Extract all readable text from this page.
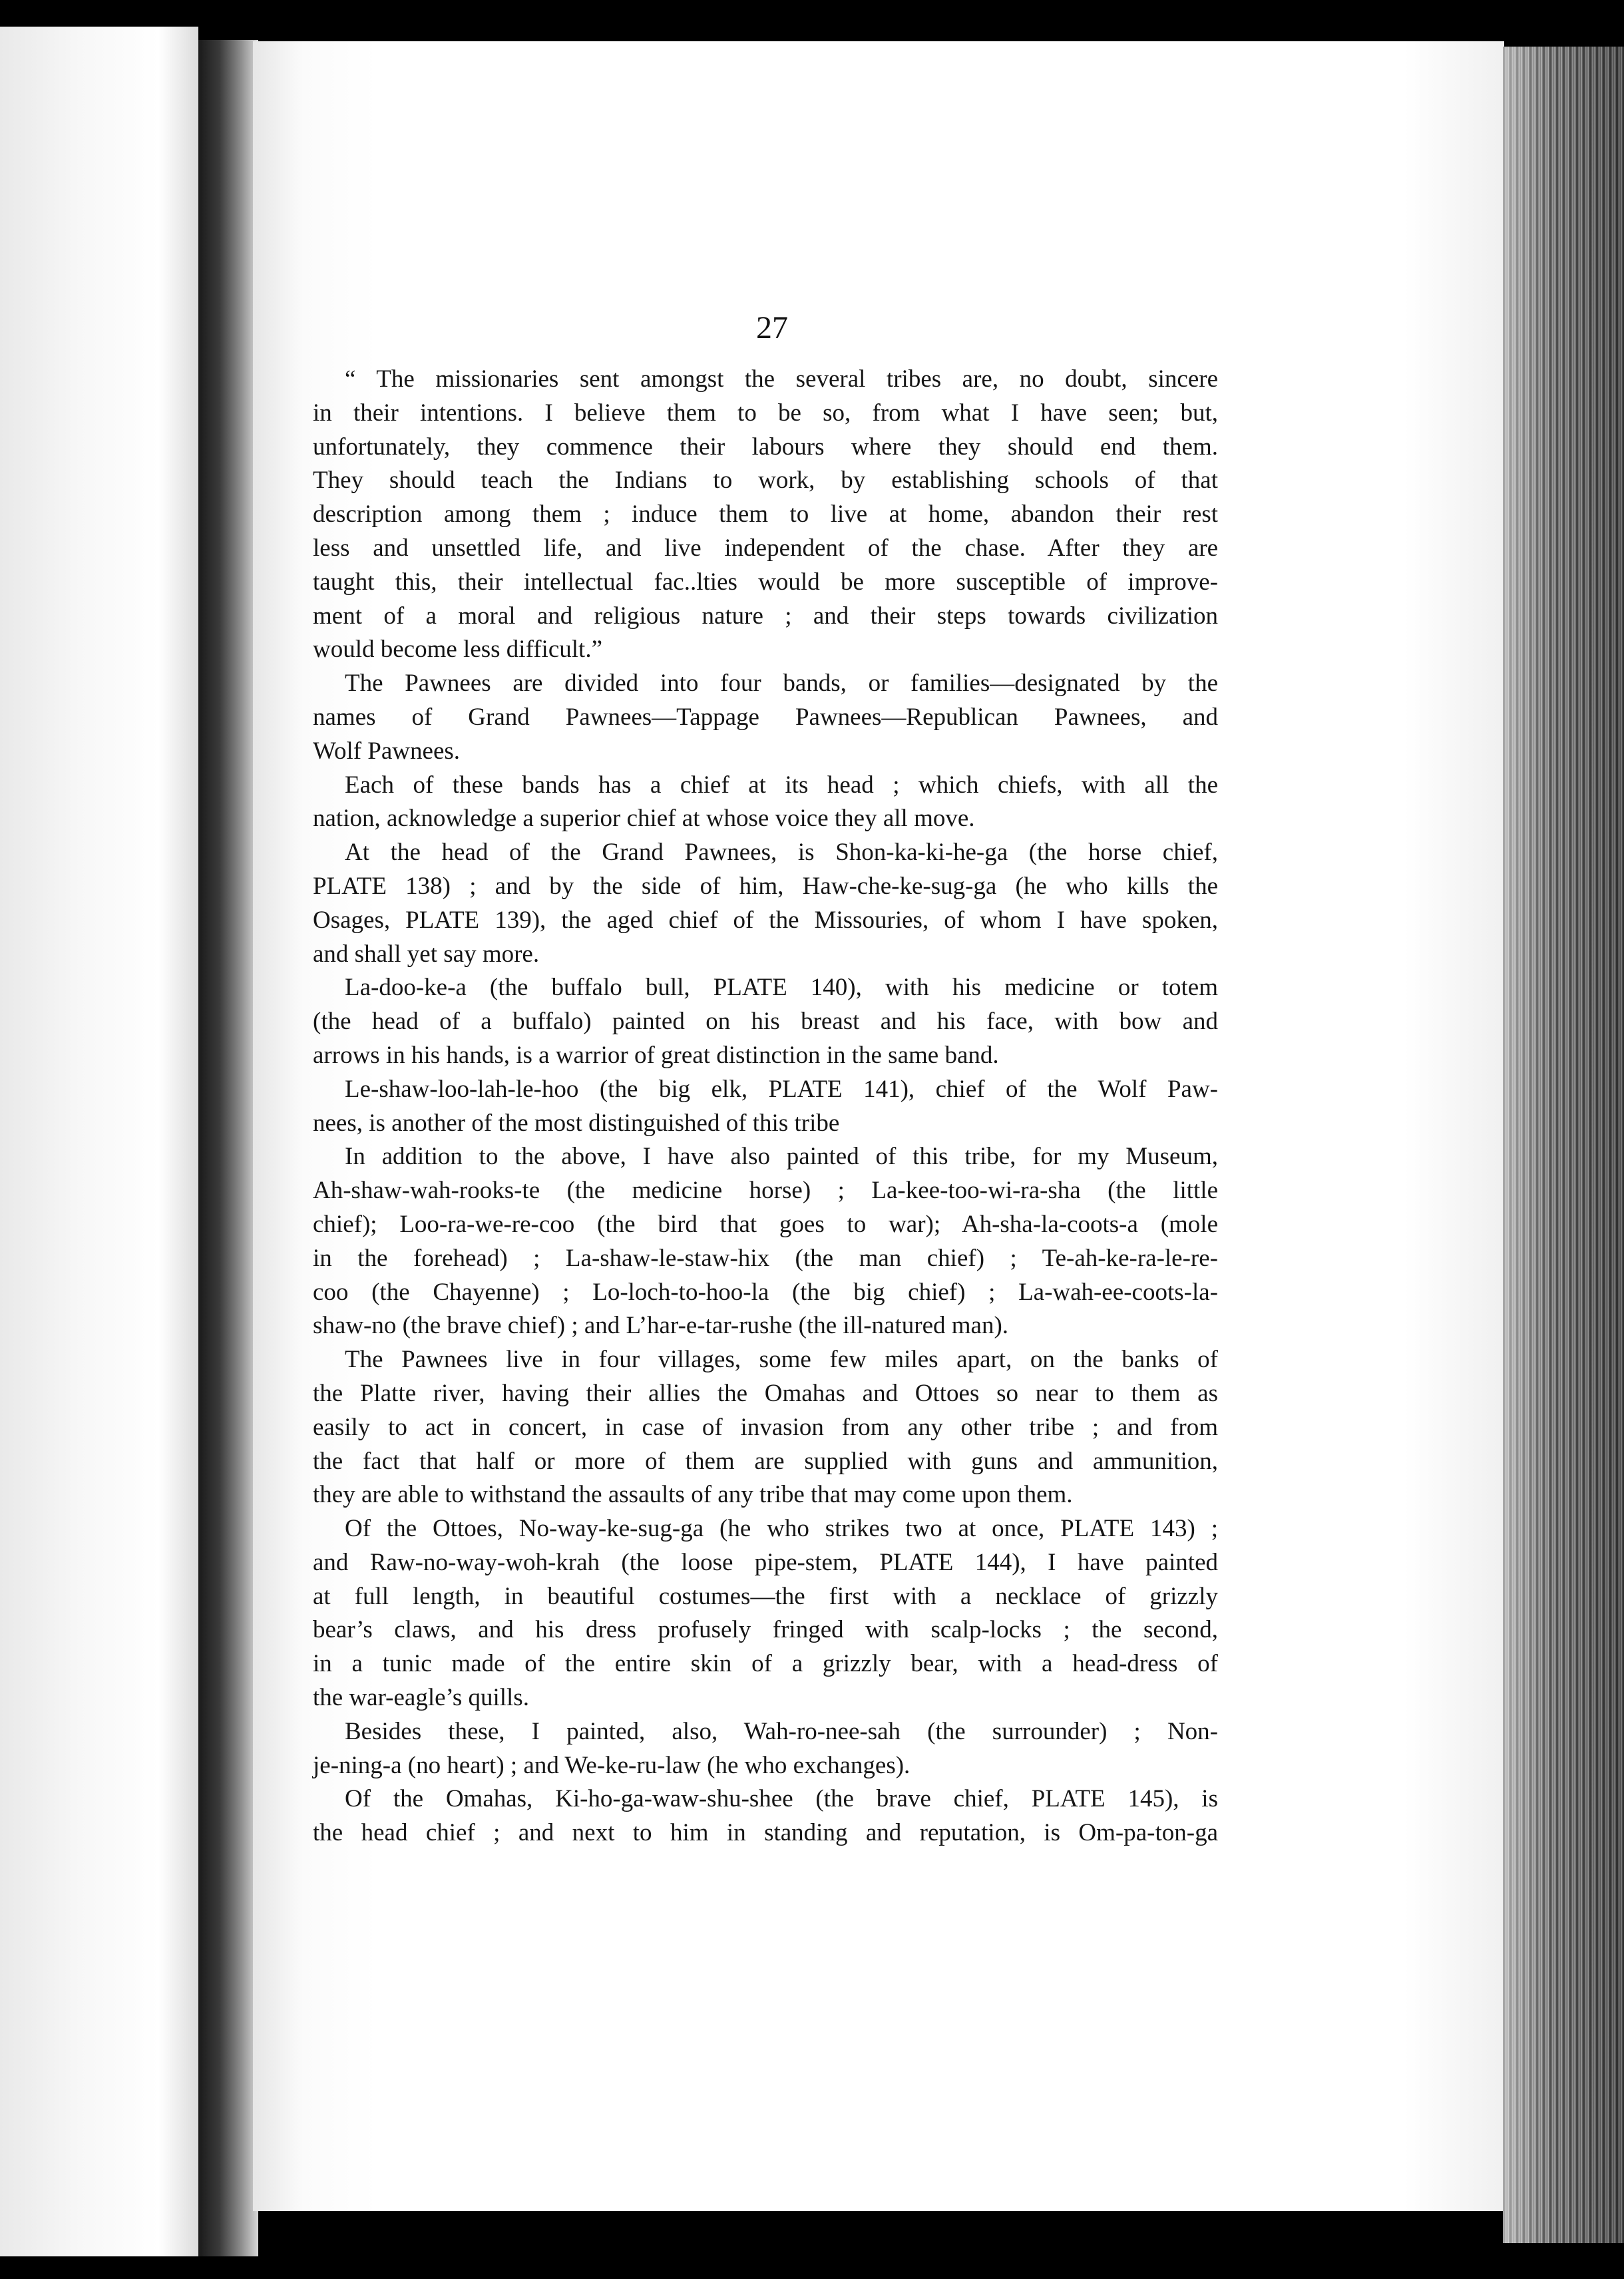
27
“ The missionaries sent amongst the several tribes are, no doubt, sincere
in their intentions. I believe them to be so, from what I have seen; but,
unfortunately, they commence their labours where they should end them.
They should teach the Indians to work, by establishing schools of that
description among them ; induce them to live at home, abandon their rest
less and unsettled life, and live independent of the chase. After they are
taught this, their intellectual fac..lties would be more susceptible of improve-
ment of a moral and religious nature ; and their steps towards civilization
would become less difficult.”
The Pawnees are divided into four bands, or families—designated by the
names of Grand Pawnees—Tappage Pawnees—Republican Pawnees, and
Wolf Pawnees.
Each of these bands has a chief at its head ; which chiefs, with all the
nation, acknowledge a superior chief at whose voice they all move.
At the head of the Grand Pawnees, is Shon-ka-ki-he-ga (the horse chief,
PLATE 138) ; and by the side of him, Haw-che-ke-sug-ga (he who kills the
Osages, PLATE 139), the aged chief of the Missouries, of whom I have spoken,
and shall yet say more.
La-doo-ke-a (the buffalo bull, PLATE 140), with his medicine or totem
(the head of a buffalo) painted on his breast and his face, with bow and
arrows in his hands, is a warrior of great distinction in the same band.
Le-shaw-loo-lah-le-hoo (the big elk, PLATE 141), chief of the Wolf Paw-
nees, is another of the most distinguished of this tribe
In addition to the above, I have also painted of this tribe, for my Museum,
Ah-shaw-wah-rooks-te (the medicine horse) ; La-kee-too-wi-ra-sha (the little
chief); Loo-ra-we-re-coo (the bird that goes to war); Ah-sha-la-coots-a (mole
in the forehead) ; La-shaw-le-staw-hix (the man chief) ; Te-ah-ke-ra-le-re-
coo (the Chayenne) ; Lo-loch-to-hoo-la (the big chief) ; La-wah-ee-coots-la-
shaw-no (the brave chief) ; and L’har-e-tar-rushe (the ill-natured man).
The Pawnees live in four villages, some few miles apart, on the banks of
the Platte river, having their allies the Omahas and Ottoes so near to them as
easily to act in concert, in case of invasion from any other tribe ; and from
the fact that half or more of them are supplied with guns and ammunition,
they are able to withstand the assaults of any tribe that may come upon them.
Of the Ottoes, No-way-ke-sug-ga (he who strikes two at once, PLATE 143) ;
and Raw-no-way-woh-krah (the loose pipe-stem, PLATE 144), I have painted
at full length, in beautiful costumes—the first with a necklace of grizzly
bear’s claws, and his dress profusely fringed with scalp-locks ; the second,
in a tunic made of the entire skin of a grizzly bear, with a head-dress of
the war-eagle’s quills.
Besides these, I painted, also, Wah-ro-nee-sah (the surrounder) ; Non-
je-ning-a (no heart) ; and We-ke-ru-law (he who exchanges).
Of the Omahas, Ki-ho-ga-waw-shu-shee (the brave chief, PLATE 145), is
the head chief ; and next to him in standing and reputation, is Om-pa-ton-ga
